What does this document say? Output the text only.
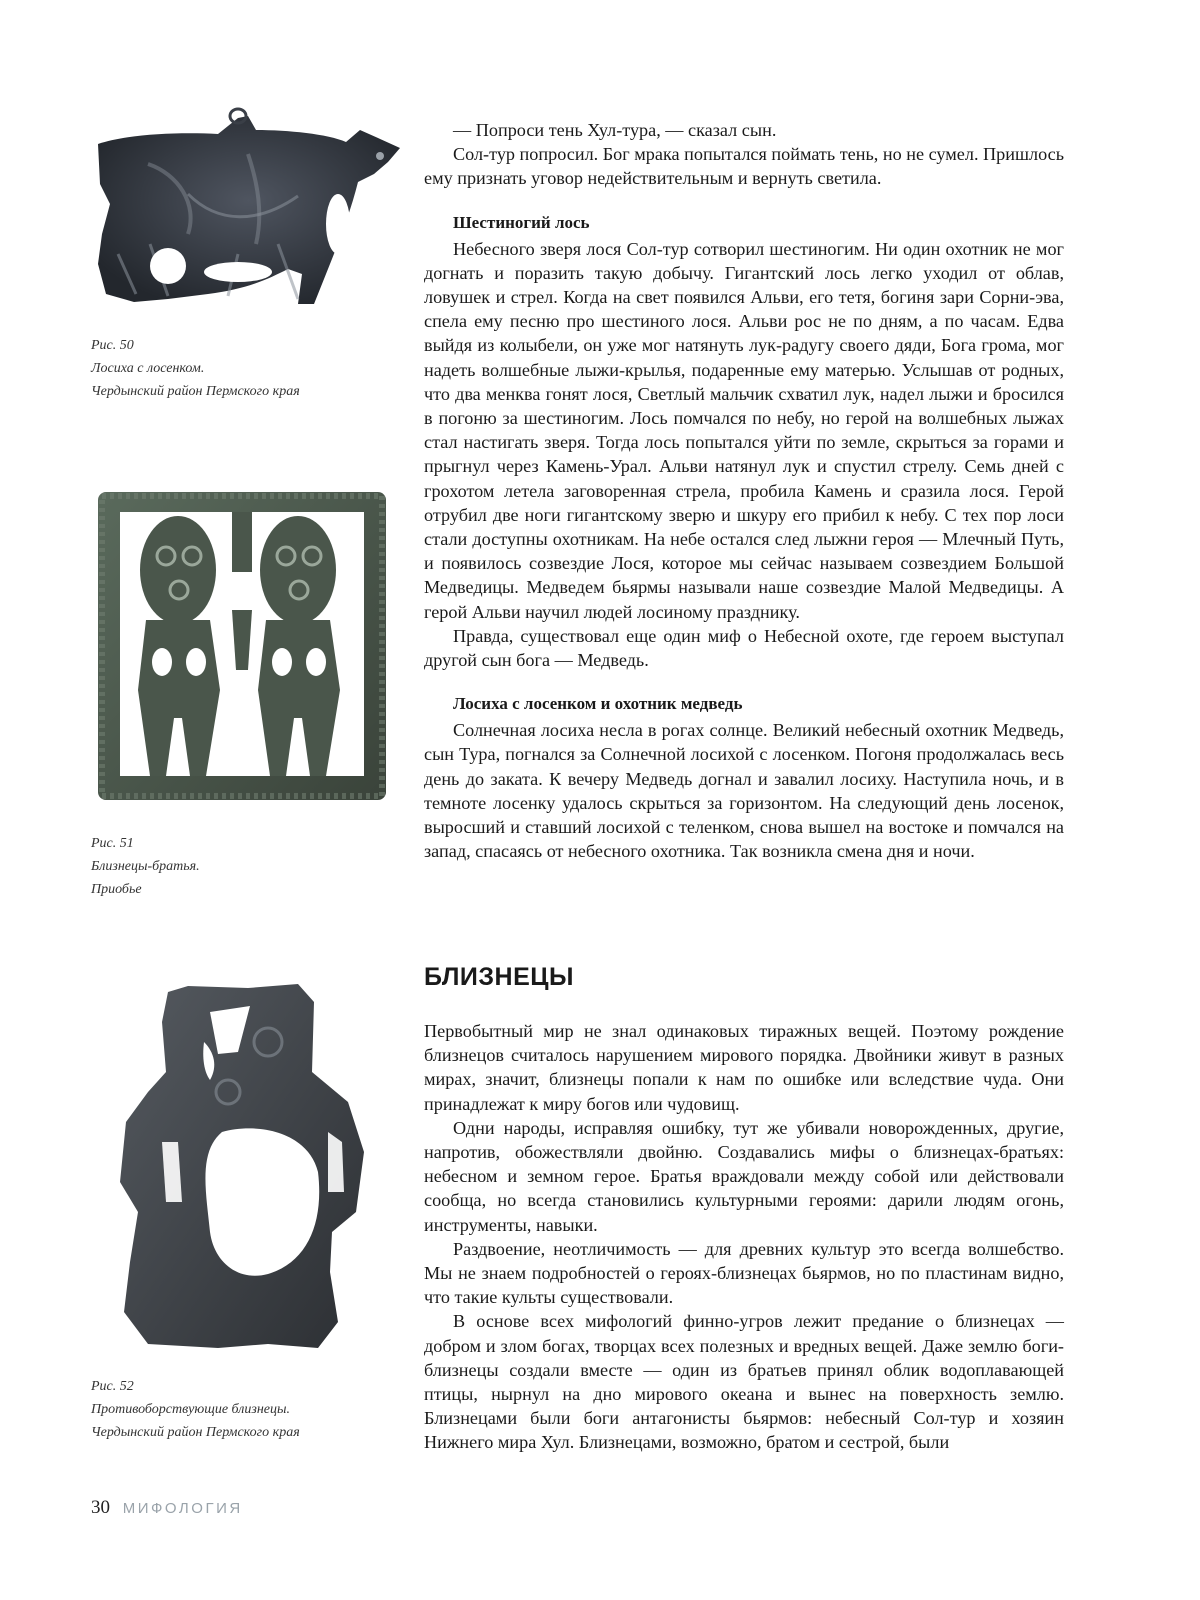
Рис. 50
Лосиха с лосенком.
Чердынский район Пермского края
Рис. 51
Близнецы-братья.
Приобье
Рис. 52
Противоборствующие близнецы.
Чердынский район Пермского края

— Попроси тень Хул-тура, — сказал сын.

Сол-тур попросил. Бог мрака попытался поймать тень, но не сумел. Пришлось ему признать уговор недействительным и вернуть светила.

Шестиногий лось

Небесного зверя лося Сол-тур сотворил шестиногим. Ни один охотник не мог догнать и поразить такую добычу. Гигантский лось легко уходил от облав, ловушек и стрел. Когда на свет появился Альви, его тетя, богиня зари Сорни-эва, спела ему песню про шестиного лося. Альви рос не по дням, а по часам. Едва выйдя из колыбели, он уже мог натянуть лук-радугу своего дяди, Бога грома, мог надеть волшебные лыжи-крылья, подаренные ему матерью. Услышав от родных, что два менква гонят лося, Светлый мальчик схватил лук, надел лыжи и бросился в погоню за шестиногим. Лось помчался по небу, но герой на волшебных лыжах стал настигать зверя. Тогда лось попытался уйти по земле, скрыться за горами и прыгнул через Камень-Урал. Альви натянул лук и спустил стрелу. Семь дней с грохотом летела заговоренная стрела, пробила Камень и сразила лося. Герой отрубил две ноги гигантскому зверю и шкуру его прибил к небу. С тех пор лоси стали доступны охотникам. На небе остался след лыжни героя — Млечный Путь, и появилось созвездие Лося, которое мы сейчас называем созвездием Большой Медведицы. Медведем бьярмы называли наше созвездие Малой Медведицы. А герой Альви научил людей лосиному празднику.

Правда, существовал еще один миф о Небесной охоте, где героем выступал другой сын бога — Медведь.

Лосиха с лосенком и охотник медведь

Солнечная лосиха несла в рогах солнце. Великий небесный охотник Медведь, сын Тура, погнался за Солнечной лосихой с лосенком. Погоня продолжалась весь день до заката. К вечеру Медведь догнал и завалил лосиху. Наступила ночь, и в темноте лосенку удалось скрыться за горизонтом. На следующий день лосенок, выросший и ставший лосихой с теленком, снова вышел на востоке и помчался на запад, спасаясь от небесного охотника. Так возникла смена дня и ночи.

БЛИЗНЕЦЫ

Первобытный мир не знал одинаковых тиражных вещей. Поэтому рождение близнецов считалось нарушением мирового порядка. Двойники живут в разных мирах, значит, близнецы попали к нам по ошибке или вследствие чуда. Они принадлежат к миру богов или чудовищ.

Одни народы, исправляя ошибку, тут же убивали новорожденных, другие, напротив, обожествляли двойню. Создавались мифы о близнецах-братьях: небесном и земном герое. Братья враждовали между собой или действовали сообща, но всегда становились культурными героями: дарили людям огонь, инструменты, навыки.

Раздвоение, неотличимость — для древних культур это всегда волшебство. Мы не знаем подробностей о героях-близнецах бьярмов, но по пластинам видно, что такие культы существовали.

В основе всех мифологий финно-угров лежит предание о близнецах — добром и злом богах, творцах всех полезных и вредных вещей. Даже землю боги-близнецы создали вместе — один из братьев принял облик водоплавающей птицы, нырнул на дно мирового океана и вынес на поверхность землю. Близнецами были боги антагонисты бьярмов: небесный Сол-тур и хозяин Нижнего мира Хул. Близнецами, возможно, братом и сестрой, были

30 МИФОЛОГИЯ
